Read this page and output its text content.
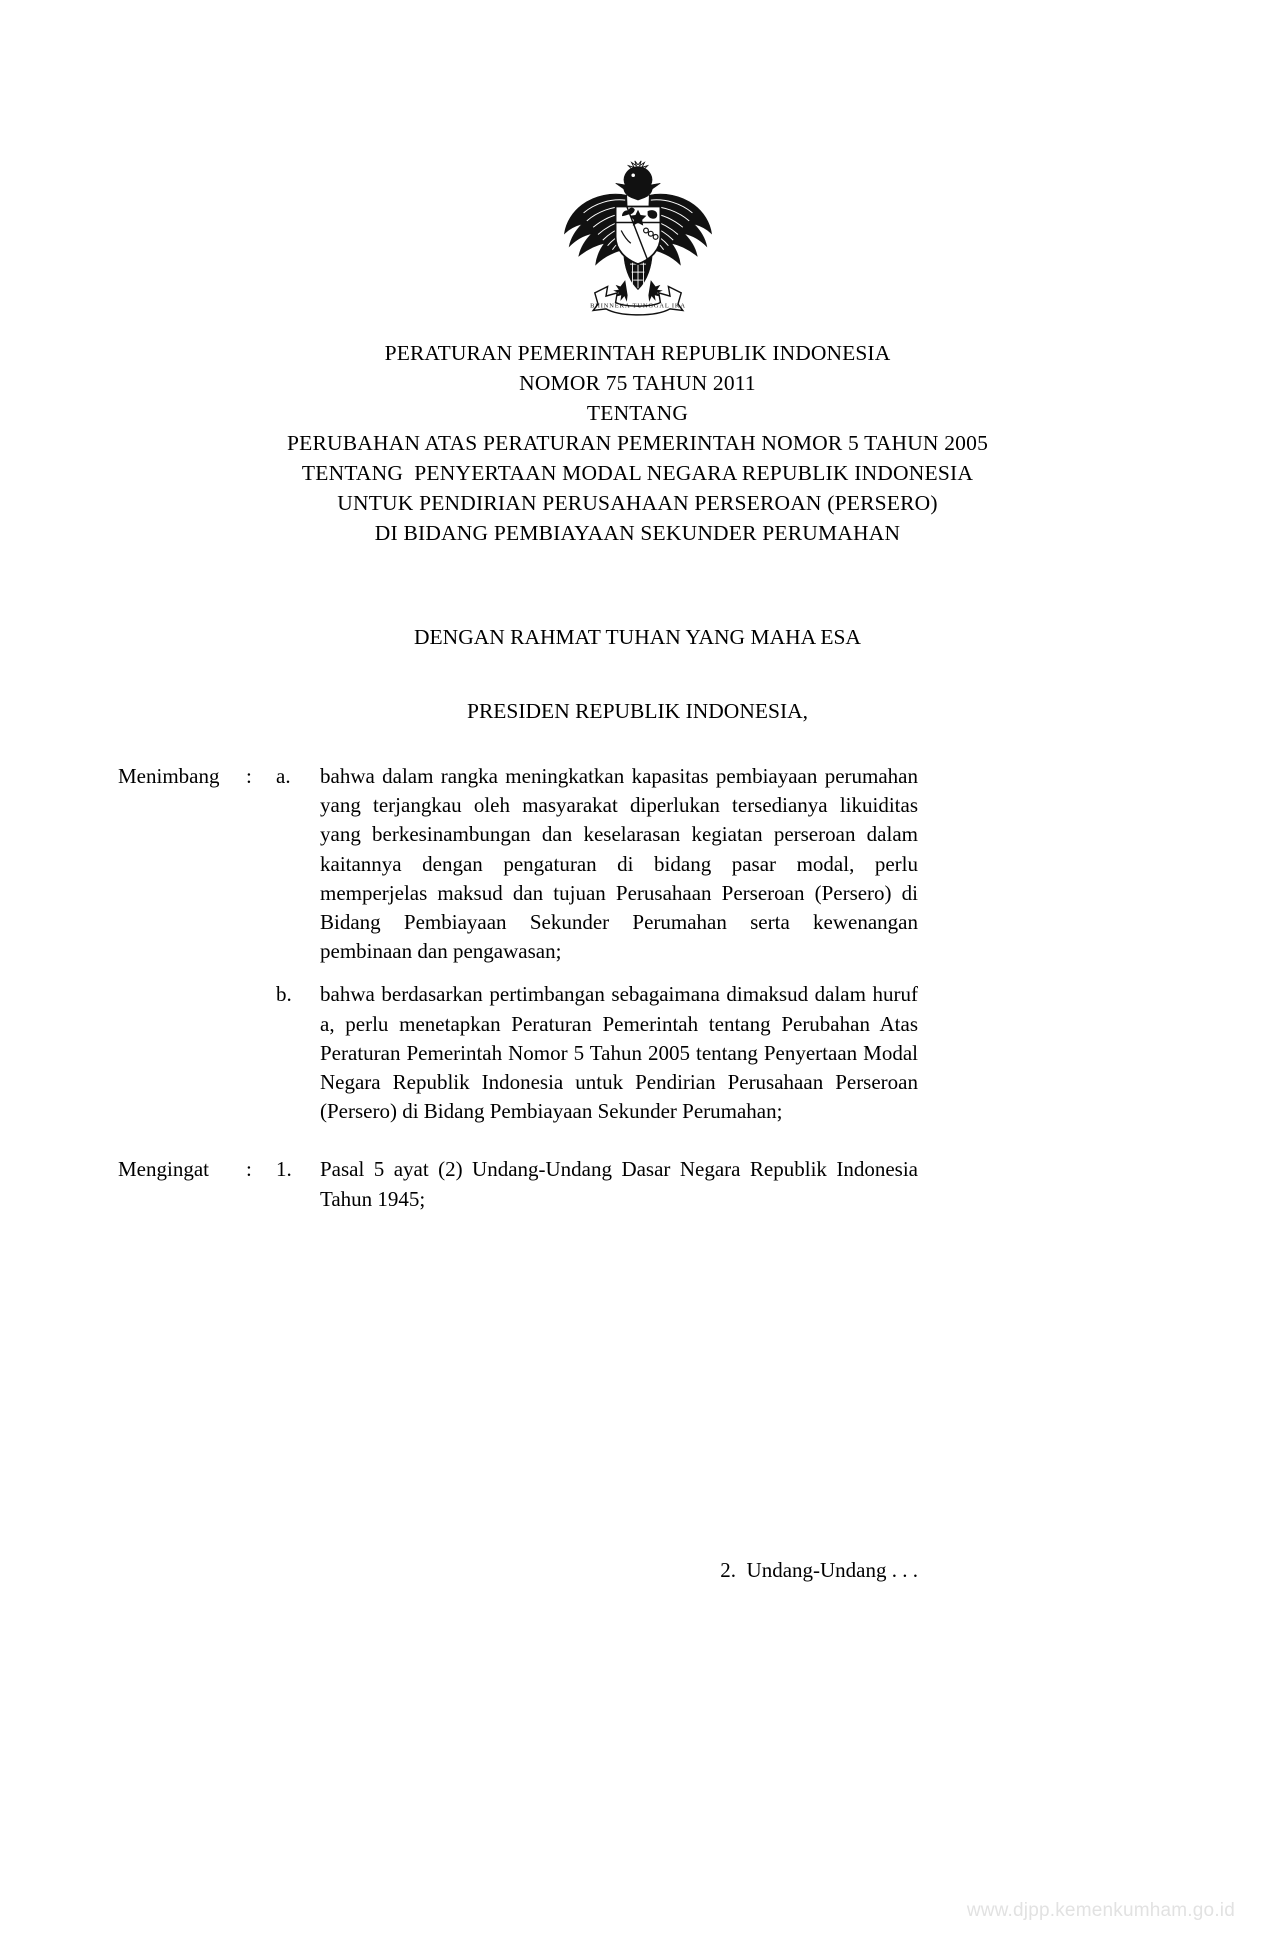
BHINNEKA TUNGGAL IKA
PERATURAN PEMERINTAH REPUBLIK INDONESIA
NOMOR 75 TAHUN 2011
TENTANG
PERUBAHAN ATAS PERATURAN PEMERINTAH NOMOR 5 TAHUN 2005
TENTANG  PENYERTAAN MODAL NEGARA REPUBLIK INDONESIA
UNTUK PENDIRIAN PERUSAHAAN PERSEROAN (PERSERO)
DI BIDANG PEMBIAYAAN SEKUNDER PERUMAHAN
DENGAN RAHMAT TUHAN YANG MAHA ESA
PRESIDEN REPUBLIK INDONESIA,
Menimbang	:	a.	bahwa dalam rangka meningkatkan kapasitas pembiayaan perumahan yang terjangkau oleh masyarakat diperlukan tersedianya likuiditas yang berkesinambungan dan keselarasan kegiatan perseroan dalam kaitannya dengan pengaturan di bidang pasar modal, perlu memperjelas maksud dan tujuan Perusahaan Perseroan (Persero) di Bidang Pembiayaan Sekunder Perumahan serta kewenangan pembinaan dan pengawasan;
b.	bahwa berdasarkan pertimbangan sebagaimana dimaksud dalam huruf a, perlu menetapkan Peraturan Pemerintah tentang Perubahan Atas Peraturan Pemerintah Nomor 5 Tahun 2005 tentang Penyertaan Modal Negara Republik Indonesia untuk Pendirian Perusahaan Perseroan (Persero) di Bidang Pembiayaan Sekunder Perumahan;
Mengingat	:	1.	Pasal 5 ayat (2) Undang-Undang Dasar Negara Republik Indonesia Tahun 1945;
2.  Undang-Undang . . .
www.djpp.kemenkumham.go.id
